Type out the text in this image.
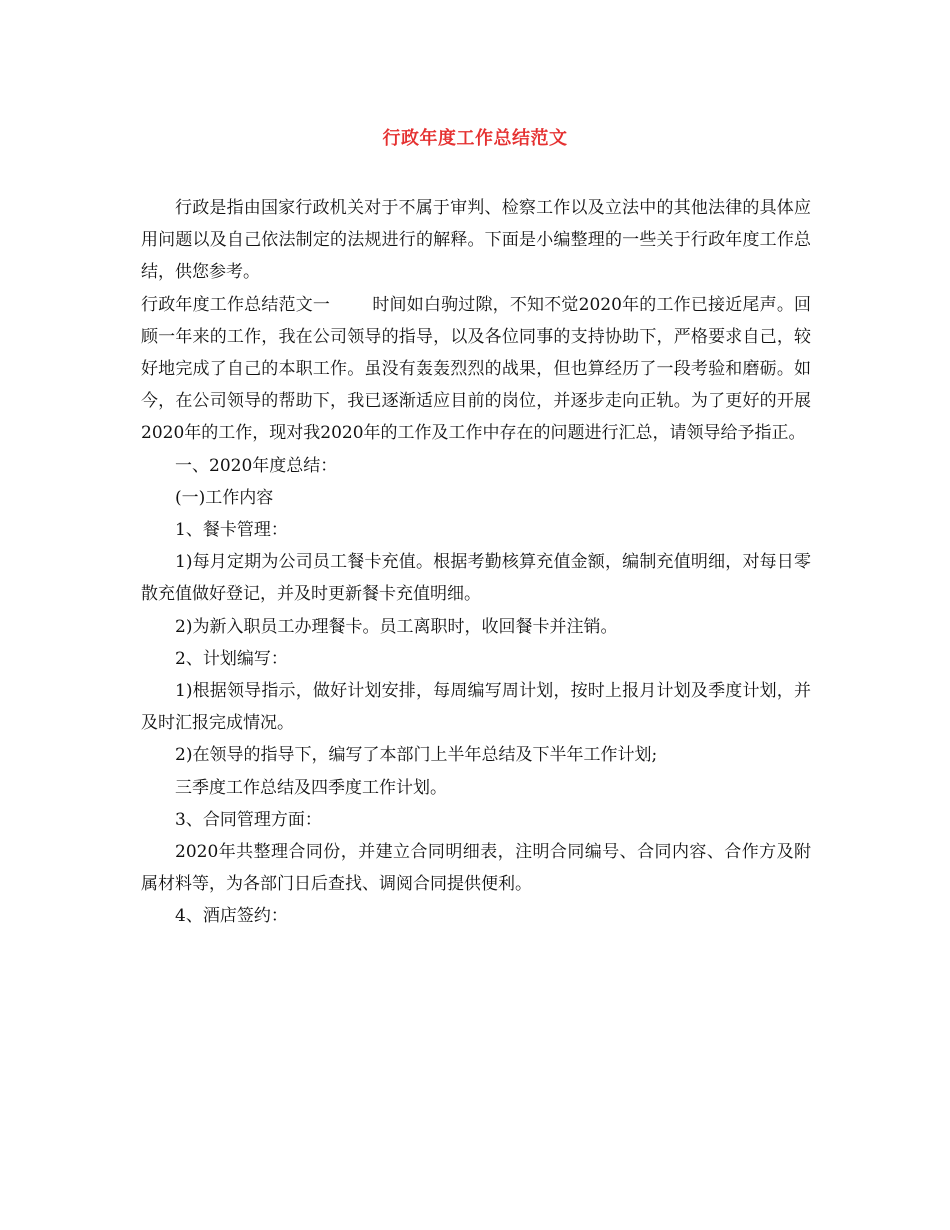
行政年度工作总结范文

行政是指由国家行政机关对于不属于审判、检察工作以及立法中的其他法律的具体应用问题以及自己依法制定的法规进行的解释。下面是小编整理的一些关于行政年度工作总结，供您参考。

行政年度工作总结范文一 时间如白驹过隙，不知不觉2020年的工作已接近尾声。回顾一年来的工作，我在公司领导的指导，以及各位同事的支持协助下，严格要求自己，较好地完成了自己的本职工作。虽没有轰轰烈烈的战果，但也算经历了一段考验和磨砺。如今，在公司领导的帮助下，我已逐渐适应目前的岗位，并逐步走向正轨。为了更好的开展2020年的工作，现对我2020年的工作及工作中存在的问题进行汇总，请领导给予指正。

一、2020年度总结：

(一)工作内容

1、餐卡管理：

1)每月定期为公司员工餐卡充值。根据考勤核算充值金额，编制充值明细，对每日零散充值做好登记，并及时更新餐卡充值明细。

2)为新入职员工办理餐卡。员工离职时，收回餐卡并注销。

2、计划编写：

1)根据领导指示，做好计划安排，每周编写周计划，按时上报月计划及季度计划，并及时汇报完成情况。

2)在领导的指导下，编写了本部门上半年总结及下半年工作计划;

三季度工作总结及四季度工作计划。

3、合同管理方面：

2020年共整理合同份，并建立合同明细表，注明合同编号、合同内容、合作方及附属材料等，为各部门日后查找、调阅合同提供便利。

4、酒店签约：
